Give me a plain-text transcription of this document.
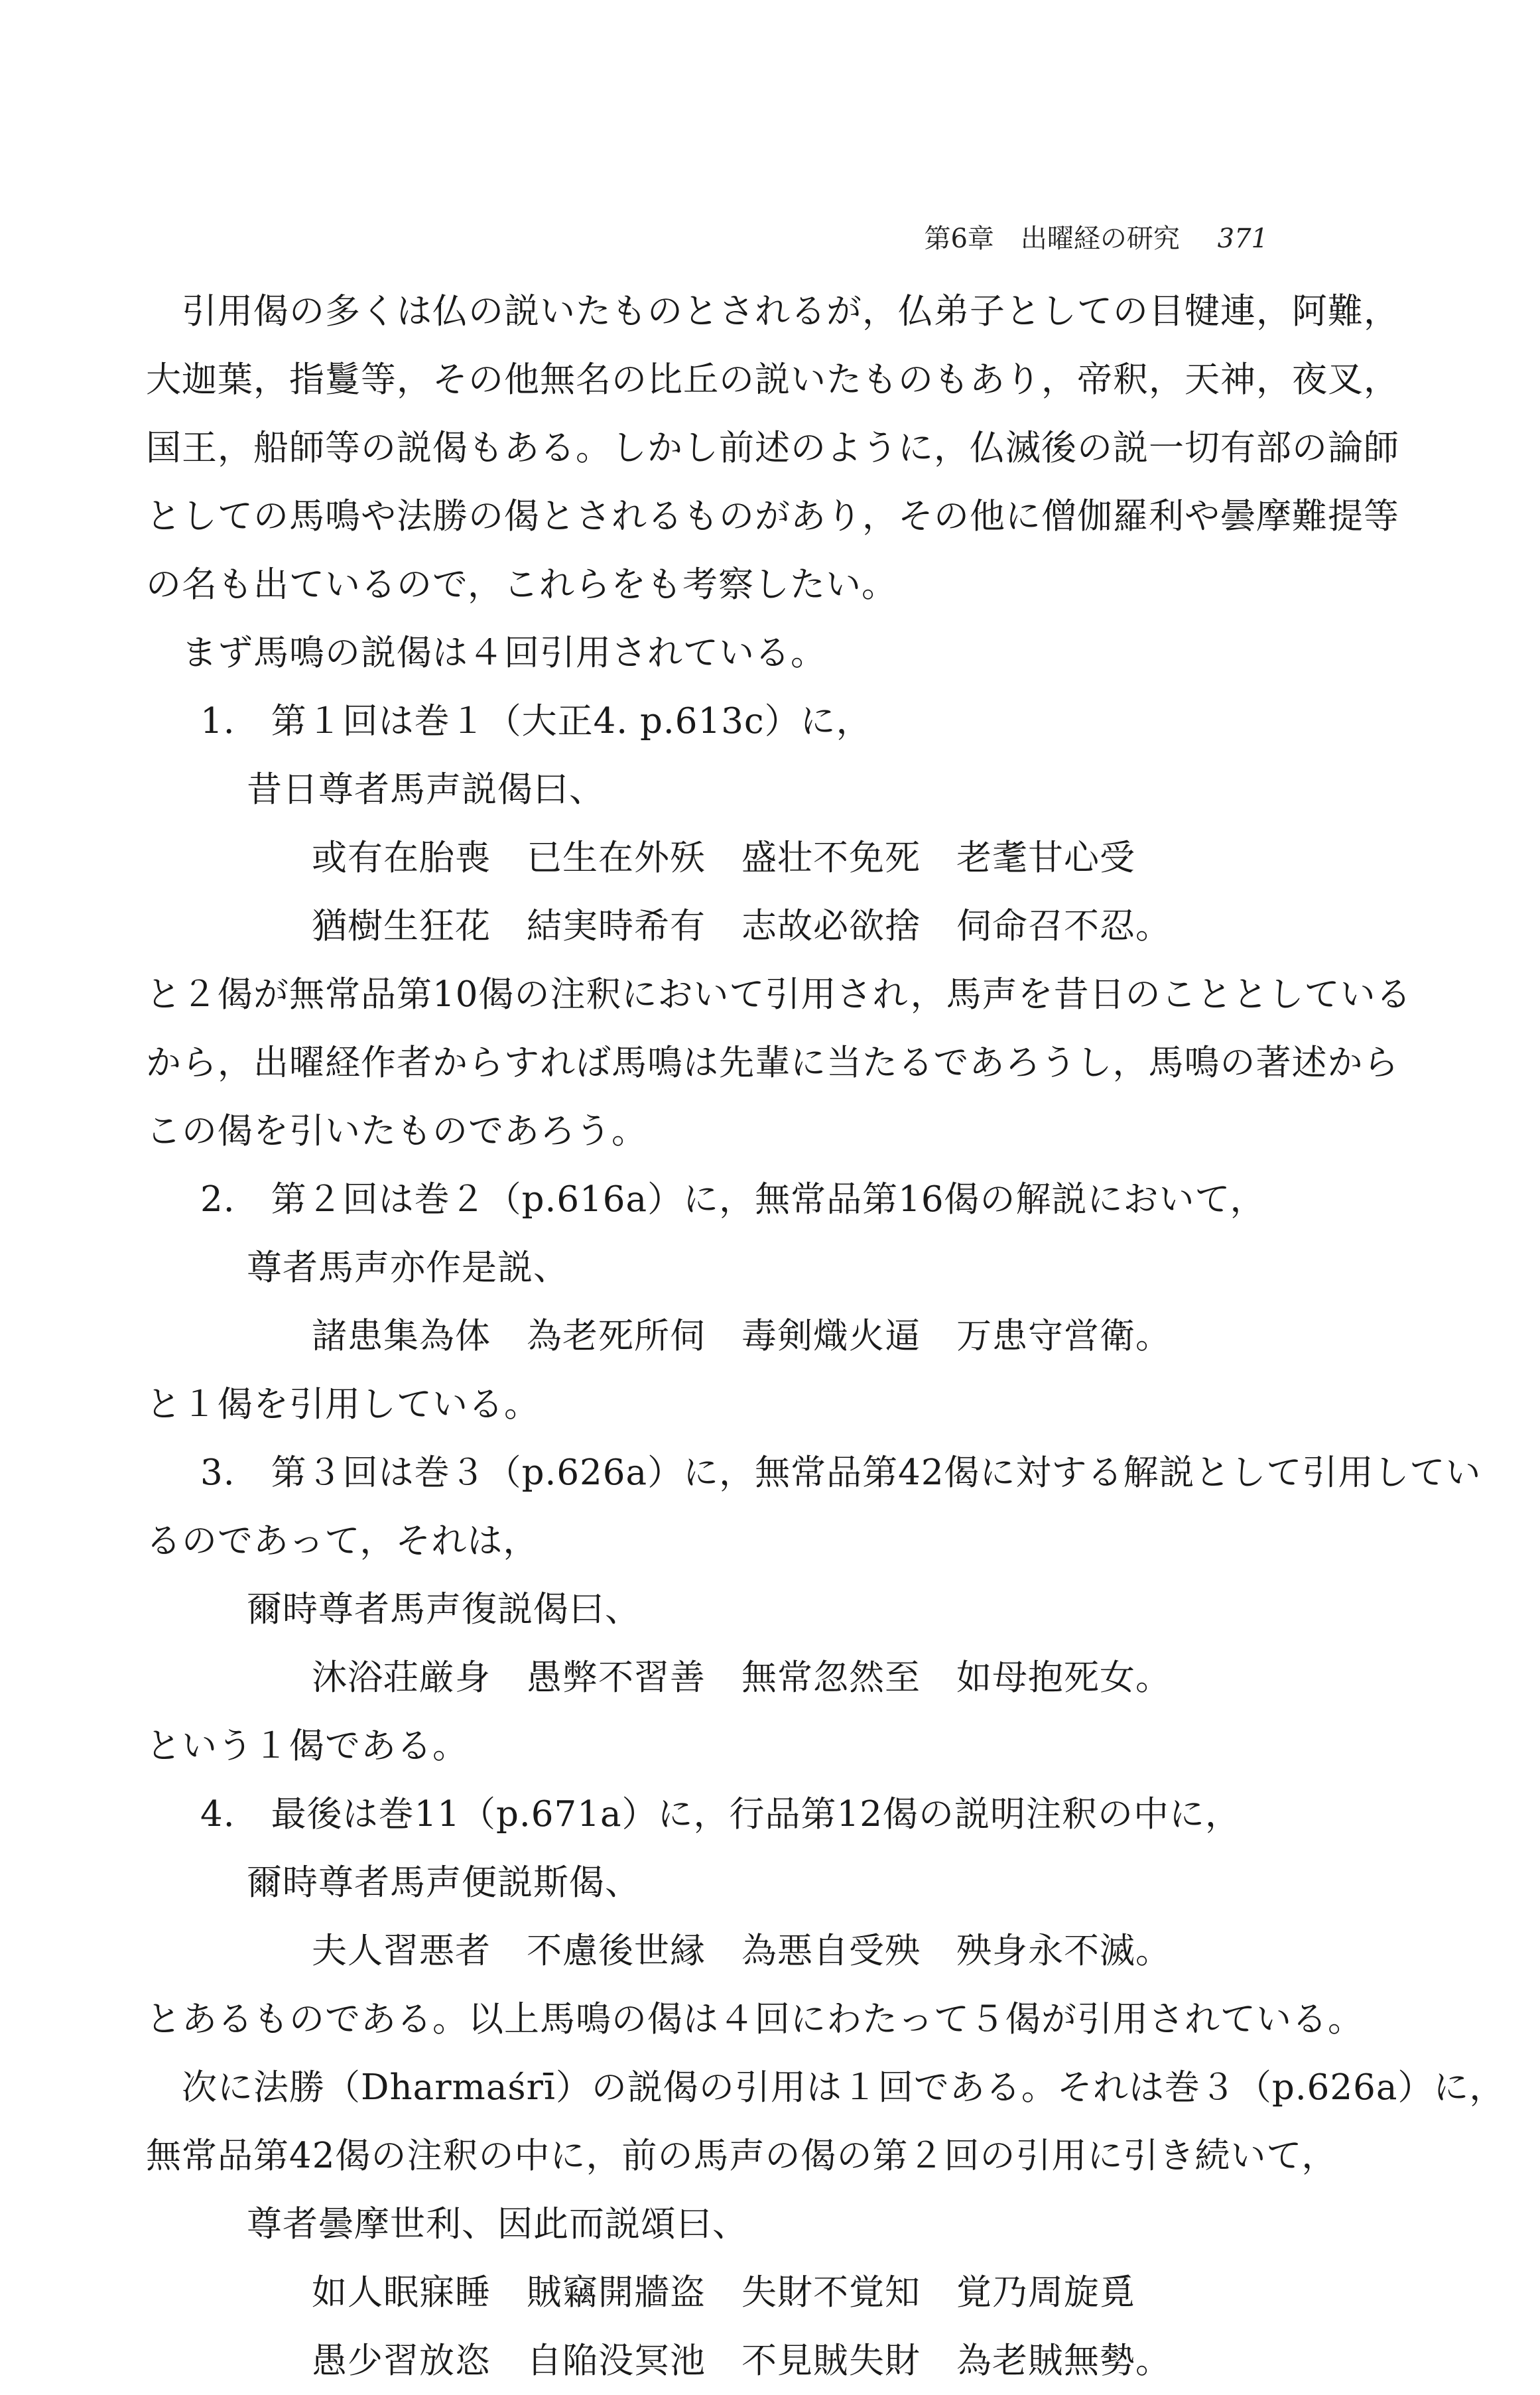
第6章　出曜経の研究 371
引用偈の多くは仏の説いたものとされるが，仏弟子としての目犍連，阿難，
大迦葉，指鬘等，その他無名の比丘の説いたものもあり，帝釈，天神，夜叉，
国王，船師等の説偈もある。しかし前述のように，仏滅後の説一切有部の論師
としての馬鳴や法勝の偈とされるものがあり，その他に僧伽羅利や曇摩難提等
の名も出ているので，これらをも考察したい。
まず馬鳴の説偈は４回引用されている。
1.　第１回は巻１（大正4. p.613c）に，
昔日尊者馬声説偈曰、
或有在胎喪　已生在外殀　盛壮不免死　老耄甘心受
猶樹生狂花　結実時希有　志故必欲捨　伺命召不忍。
と２偈が無常品第10偈の注釈において引用され，馬声を昔日のこととしている
から，出曜経作者からすれば馬鳴は先輩に当たるであろうし，馬鳴の著述から
この偈を引いたものであろう。
2.　第２回は巻２（p.616a）に，無常品第16偈の解説において，
尊者馬声亦作是説、
諸患集為体　為老死所伺　毒剣熾火逼　万患守営衛。
と１偈を引用している。
3.　第３回は巻３（p.626a）に，無常品第42偈に対する解説として引用してい
るのであって，それは，
爾時尊者馬声復説偈曰、
沐浴荘厳身　愚弊不習善　無常忽然至　如母抱死女。
という１偈である。
4.　最後は巻11（p.671a）に，行品第12偈の説明注釈の中に，
爾時尊者馬声便説斯偈、
夫人習悪者　不慮後世縁　為悪自受殃　殃身永不滅。
とあるものである。以上馬鳴の偈は４回にわたって５偈が引用されている。
次に法勝（Dharmaśrī）の説偈の引用は１回である。それは巻３（p.626a）に，
無常品第42偈の注釈の中に，前の馬声の偈の第２回の引用に引き続いて，
尊者曇摩世利、因此而説頌曰、
如人眠寐睡　賊竊開牆盗　失財不覚知　覚乃周旋覓
愚少習放恣　自陥没冥池　不見賊失財　為老賊無勢。
